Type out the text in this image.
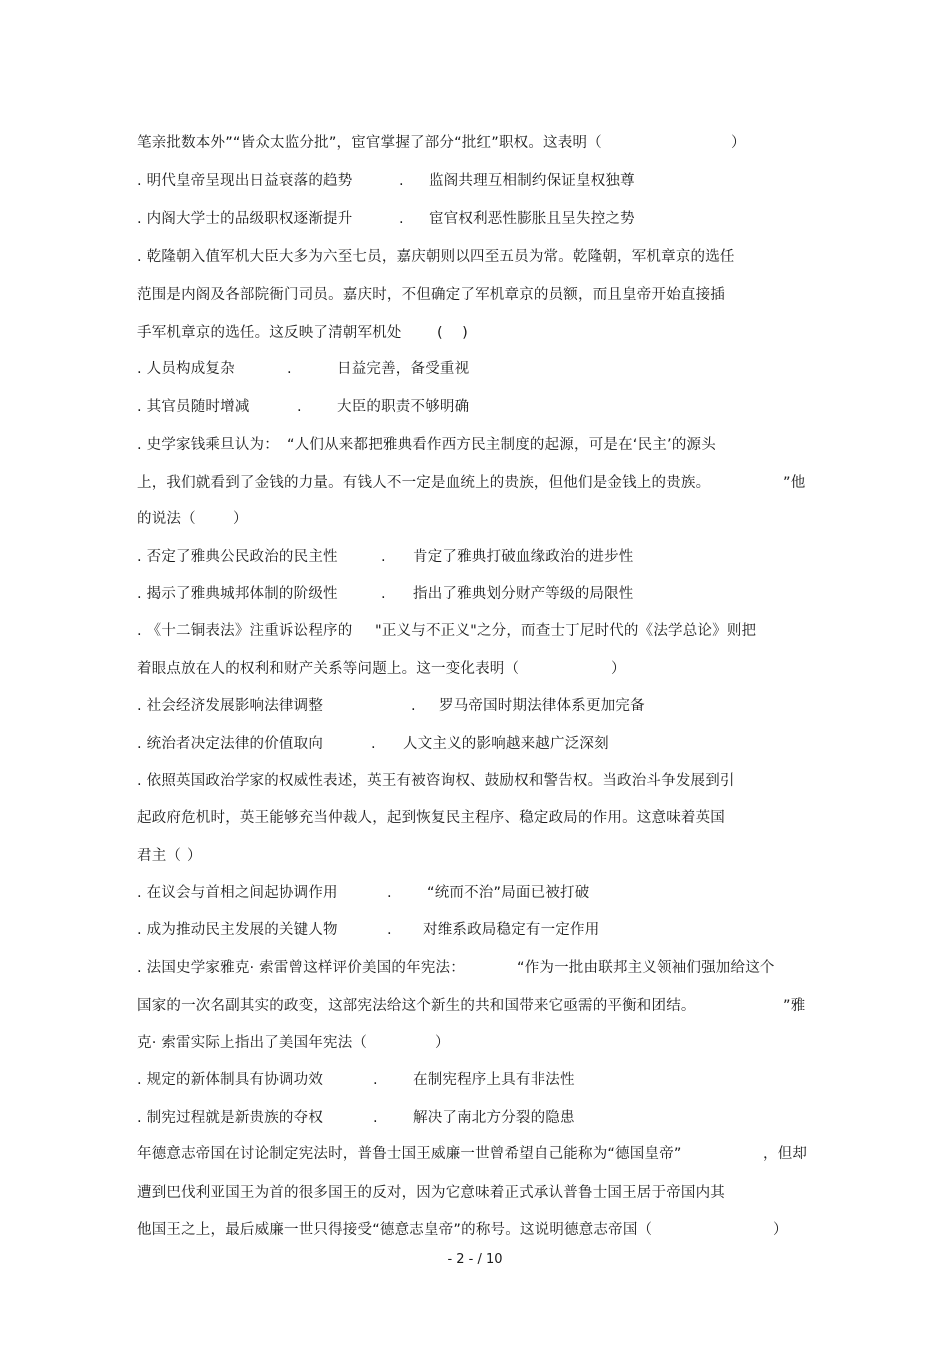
笔亲批数本外”“皆众太监分批”，宦官掌握了部分“批红”职权。这表明（	）
. 明代皇帝呈现出日益衰落的趋势	. 监阁共理互相制约保证皇权独尊
. 内阁大学士的品级职权逐渐提升	. 宦官权利恶性膨胀且呈失控之势
. 乾隆朝入值军机大臣大多为六至七员，嘉庆朝则以四至五员为常。乾隆朝，军机章京的选任
范围是内阁及各部院衙门司员。嘉庆时，不但确定了军机章京的员额，而且皇帝开始直接插
手军机章京的选任。这反映了清朝军机处 (    )
. 人员构成复杂	.	日益完善，备受重视
. 其官员随时增减	. 大臣的职责不够明确
. 史学家钱乘旦认为： “人们从来都把雅典看作西方民主制度的起源，可是在‘民主’的源头
上，我们就看到了金钱的力量。有钱人不一定是血统上的贵族，但他们是金钱上的贵族。	”他
的说法（	）
. 否定了雅典公民政治的民主性	. 肯定了雅典打破血缘政治的进步性
. 揭示了雅典城邦体制的阶级性	. 指出了雅典划分财产等级的局限性
. 《十二铜表法》注重诉讼程序的 "正义与不正义"之分，而查士丁尼时代的《法学总论》则把
着眼点放在人的权利和财产关系等问题上。这一变化表明（	）
. 社会经济发展影响法律调整	. 罗马帝国时期法律体系更加完备
. 统治者决定法律的价值取向	. 人文主义的影响越来越广泛深刻
. 依照英国政治学家的权威性表述，英王有被咨询权、鼓励权和警告权。当政治斗争发展到引
起政府危机时，英王能够充当仲裁人，起到恢复民主程序、稳定政局的作用。这意味着英国
君主（ ）
. 在议会与首相之间起协调作用	. “统而不治”局面已被打破
. 成为推动民主发展的关键人物	. 对维系政局稳定有一定作用
. 法国史学家雅克· 索雷曾这样评价美国的年宪法：	“作为一批由联邦主义领袖们强加给这个
国家的一次名副其实的政变，这部宪法给这个新生的共和国带来它亟需的平衡和团结。	”雅
克· 索雷实际上指出了美国年宪法（	）
. 规定的新体制具有协调功效	. 在制宪程序上具有非法性
. 制宪过程就是新贵族的夺权	. 解决了南北方分裂的隐患
年德意志帝国在讨论制定宪法时，普鲁士国王威廉一世曾希望自己能称为“德国皇帝”	，但却
遭到巴伐利亚国王为首的很多国王的反对，因为它意味着正式承认普鲁士国王居于帝国内其
他国王之上，最后威廉一世只得接受“德意志皇帝”的称号。这说明德意志帝国（	）
- 2 - / 10
